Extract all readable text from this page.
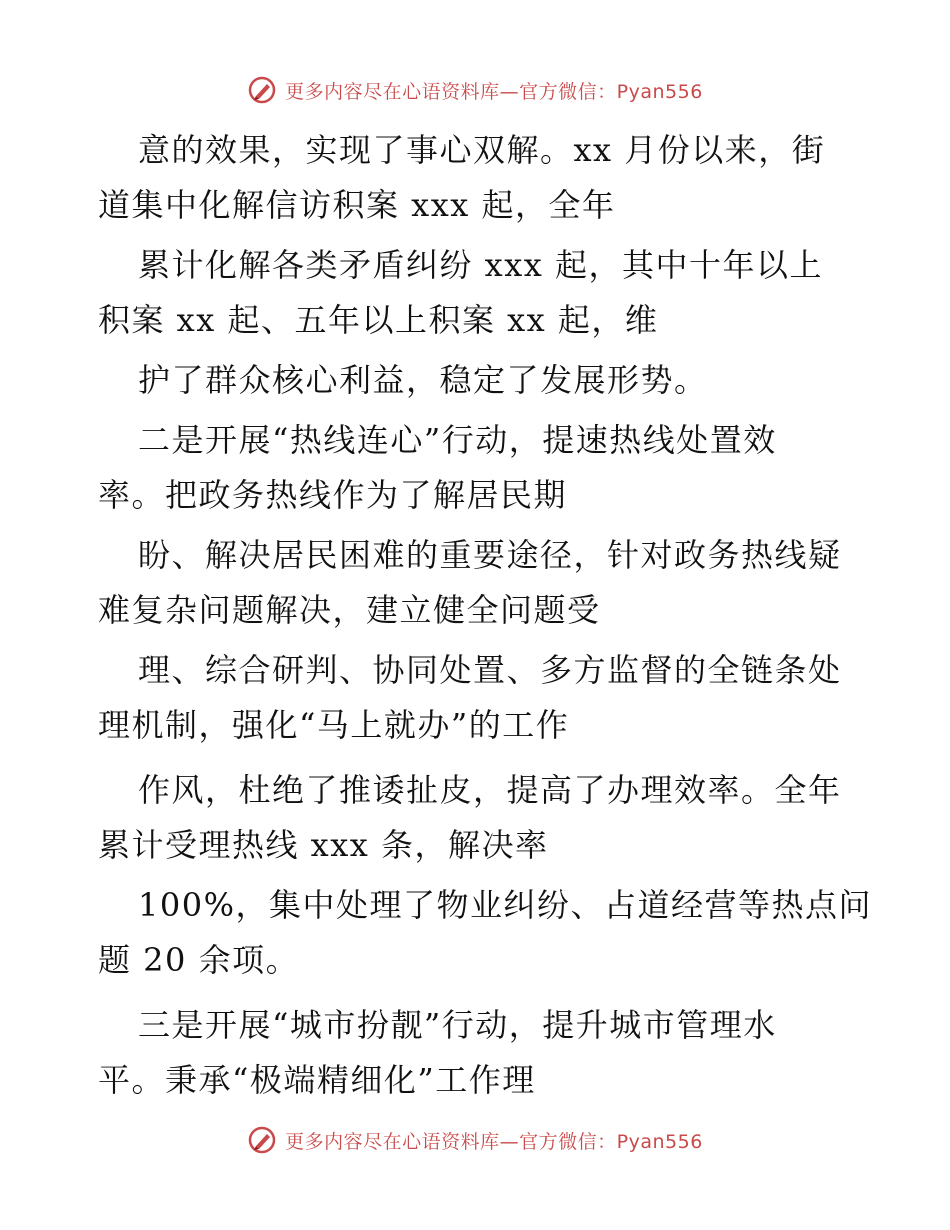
更多内容尽在心语资料库—官方微信：Pyan556
意的效果，实现了事心双解。xx 月份以来，街
道集中化解信访积案 xxx 起，全年
累计化解各类矛盾纠纷 xxx 起，其中十年以上
积案 xx 起、五年以上积案 xx 起，维
护了群众核心利益，稳定了发展形势。
二是开展“热线连心”行动，提速热线处置效
率。把政务热线作为了解居民期
盼、解决居民困难的重要途径，针对政务热线疑
难复杂问题解决，建立健全问题受
理、综合研判、协同处置、多方监督的全链条处
理机制，强化“马上就办”的工作
作风，杜绝了推诿扯皮，提高了办理效率。全年
累计受理热线 xxx 条，解决率
100%，集中处理了物业纠纷、占道经营等热点问
题 20 余项。
三是开展“城市扮靓”行动，提升城市管理水
平。秉承“极端精细化”工作理
更多内容尽在心语资料库—官方微信：Pyan556
